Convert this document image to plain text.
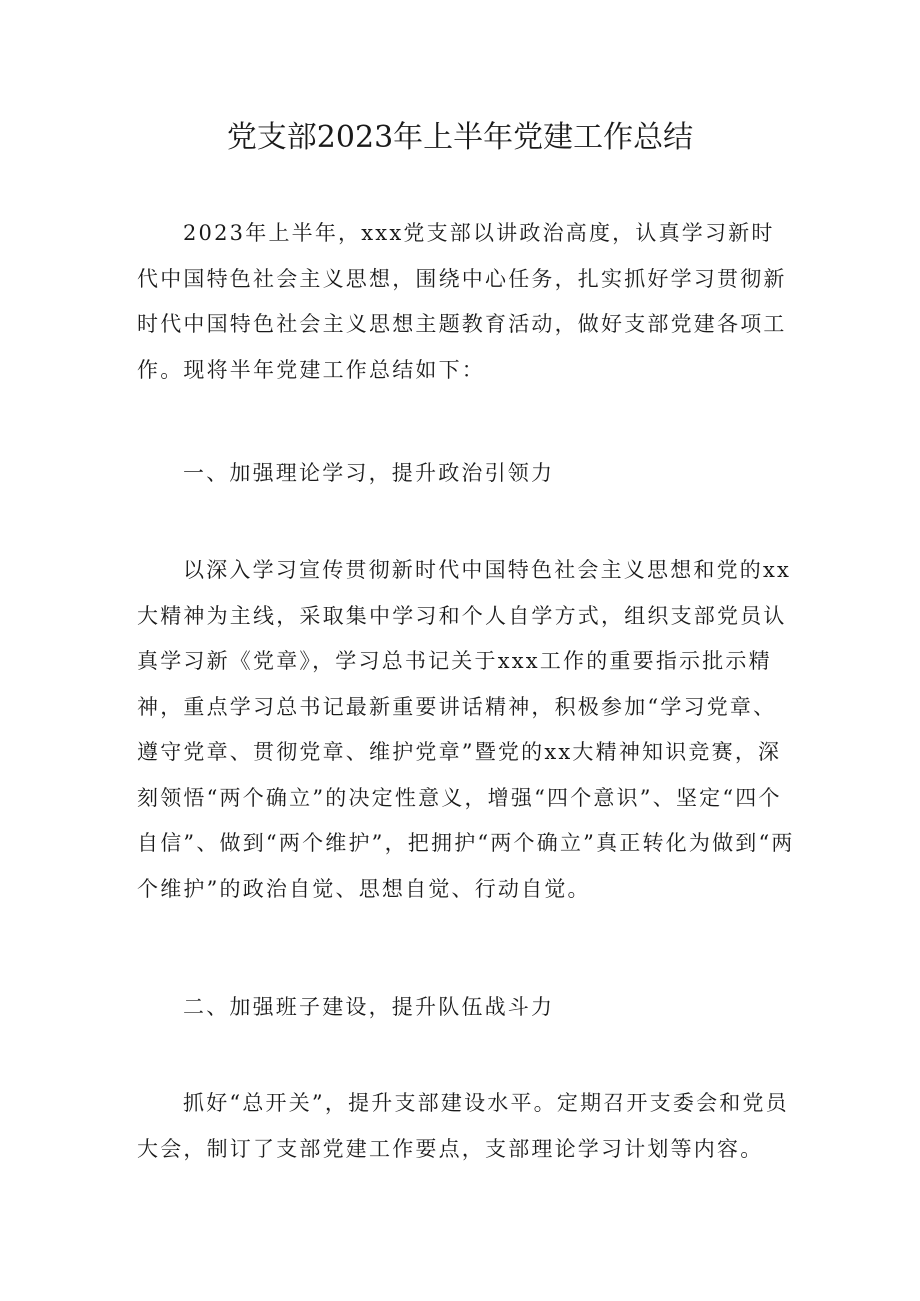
党支部2023年上半年党建工作总结

2023年上半年，xxx党支部以讲政治高度，认真学习新时代中国特色社会主义思想，围绕中心任务，扎实抓好学习贯彻新时代中国特色社会主义思想主题教育活动，做好支部党建各项工作。现将半年党建工作总结如下：

一、加强理论学习，提升政治引领力

以深入学习宣传贯彻新时代中国特色社会主义思想和党的xx大精神为主线，采取集中学习和个人自学方式，组织支部党员认真学习新《党章》，学习总书记关于xxx工作的重要指示批示精神，重点学习总书记最新重要讲话精神，积极参加“学习党章、遵守党章、贯彻党章、维护党章”暨党的xx大精神知识竞赛，深刻领悟“两个确立”的决定性意义，增强“四个意识”、坚定“四个自信”、做到“两个维护”，把拥护“两个确立”真正转化为做到“两个维护”的政治自觉、思想自觉、行动自觉。

二、加强班子建设，提升队伍战斗力

抓好“总开关”，提升支部建设水平。定期召开支委会和党员大会，制订了支部党建工作要点，支部理论学习计划等内容。
